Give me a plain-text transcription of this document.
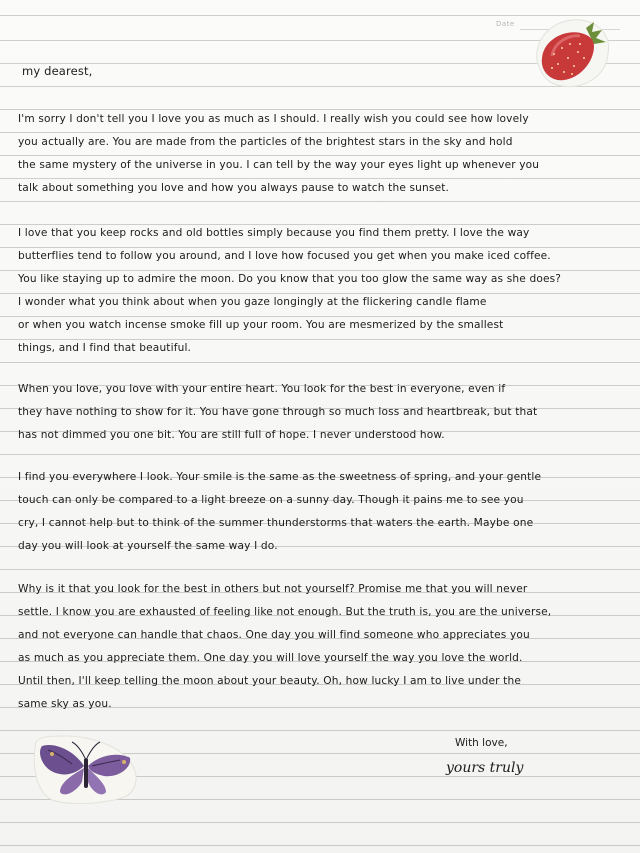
Date
my dearest,
I'm sorry I don't tell you I love you as much as I should. I really wish you could see how lovely
you actually are. You are made from the particles of the brightest stars in the sky and hold
the same mystery of the universe in you. I can tell by the way your eyes light up whenever you
talk about something you love and how you always pause to watch the sunset.
I love that you keep rocks and old bottles simply because you find them pretty. I love the way
butterflies tend to follow you around, and I love how focused you get when you make iced coffee.
You like staying up to admire the moon. Do you know that you too glow the same way as she does?
I wonder what you think about when you gaze longingly at the flickering candle flame
or when you watch incense smoke fill up your room. You are mesmerized by the smallest
things, and I find that beautiful.
When you love, you love with your entire heart. You look for the best in everyone, even if
they have nothing to show for it. You have gone through so much loss and heartbreak, but that
has not dimmed you one bit. You are still full of hope. I never understood how.
I find you everywhere I look. Your smile is the same as the sweetness of spring, and your gentle
touch can only be compared to a light breeze on a sunny day. Though it pains me to see you
cry, I cannot help but to think of the summer thunderstorms that waters the earth. Maybe one
day you will look at yourself the same way I do.
Why is it that you look for the best in others but not yourself? Promise me that you will never
settle. I know you are exhausted of feeling like not enough. But the truth is, you are the universe,
and not everyone can handle that chaos. One day you will find someone who appreciates you
as much as you appreciate them. One day you will love yourself the way you love the world.
Until then, I'll keep telling the moon about your beauty. Oh, how lucky I am to live under the
same sky as you.
With love,
yours truly
